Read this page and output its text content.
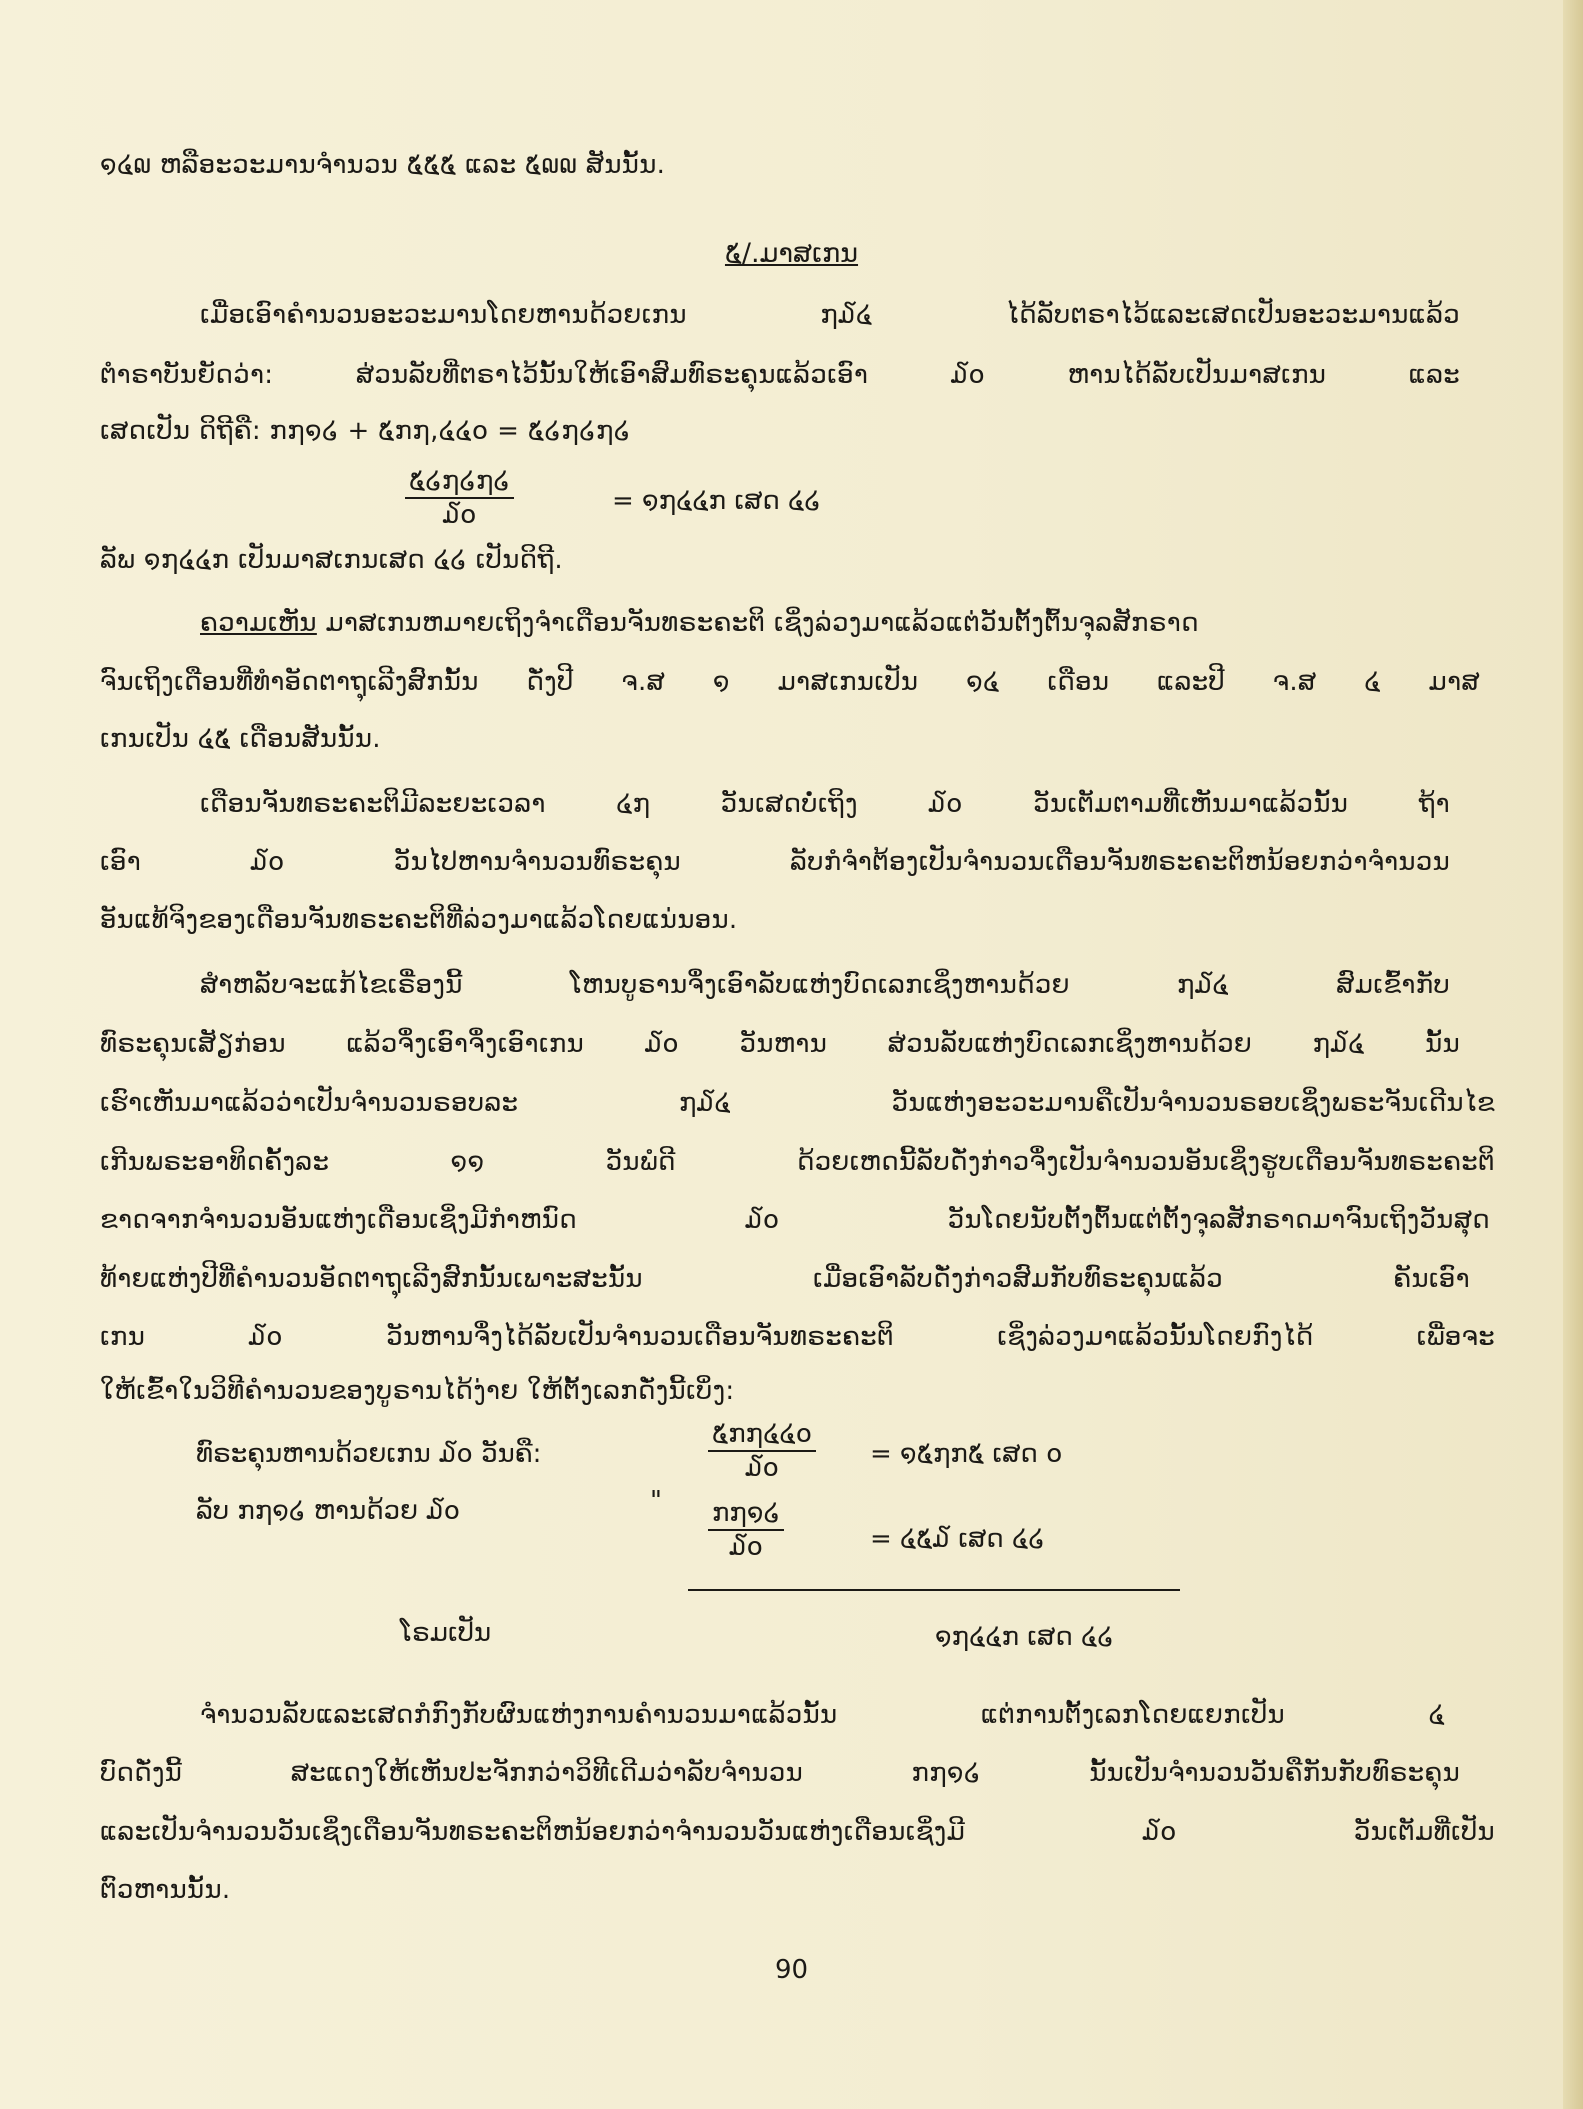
໑໔໙ ຫລືອະວະມານຈຳນວນ ໕໕໕ ແລະ ໕໙໙ ສັນນັ້ນ.
໕/.ມາສເກນ
ເມື່ອເອົາຄຳນວນອະວະມານໂດຍຫານດ້ວຍເກນ ໗໓໔ ໄດ້ລັບຕຣາໄວ້ແລະເສດເປັນອະວະມານແລ້ວ
ຕຳຣາບັນຍັດວ່າ: ສ່ວນລັບທີ່ຕຣາໄວ້ນັ້ນໃຫ້ເອົາສົມທົຣະຄຸນແລ້ວເອົາ ໓໐ ຫານໄດ້ລັບເປັນມາສເກນ ແລະ
ເສດເປັນ ດິຖີຄື: ກ໗໑໒ + ໕ກ໗,໔໔໐ = ໕໒໗໒໗໒
໕໒໗໒໗໒
໓໐	= ໑໗໔໔ກ ເສດ ໔໒
ລັພ ໑໗໔໔ກ ເປັນມາສເກນເສດ ໔໒ ເປັນດິຖີ.
ຄວາມເຫັນ ມາສເກນຫມາຍເຖິງຈຳເດືອນຈັນທຣະຄະຕິ ເຊິ່ງລ່ວງມາແລ້ວແຕ່ວັນຕັ້ງຕົ້ນຈຸລສັກຣາດ
ຈົນເຖິງເດືອນທີ່ທຳອັດຕາຖຸເລີງສົກນັ້ນ ດັ່ງປີ ຈ.ສ ໑ ມາສເກນເປັນ ໑໔ ເດືອນ ແລະປີ ຈ.ສ ໔ ມາສ
ເກນເປັນ ໔໕ ເດືອນສັນນັ້ນ.
ເດືອນຈັນທຣະຄະຕິມີລະຍະເວລາ ໔໗ ວັນເສດບໍ່ເຖິງ ໓໐ ວັນເຕັມຕາມທີ່ເຫັນມາແລ້ວນັ້ນ ຖ້າ
ເອົາ ໓໐ ວັນໄປຫານຈຳນວນທົຣະຄຸນ ລັບກໍຈຳຕ້ອງເປັນຈຳນວນເດືອນຈັນທຣະຄະຕິຫນ້ອຍກວ່າຈຳນວນ
ອັນແທ້ຈິງຂອງເດືອນຈັນທຣະຄະຕິທີ່ລ່ວງມາແລ້ວໂດຍແນ່ນອນ.
ສຳຫລັບຈະແກ້ໄຂເຣື່ອງນີ້ ໂຫນບູຣານຈຶ່ງເອົາລັບແຫ່ງບົດເລກເຊິ່ງຫານດ້ວຍ ໗໓໔ ສົມເຂົ້າກັບ
ທົຣະຄຸນເສັຽກ່ອນ ແລ້ວຈຶ່ງເອົາຈຶ່ງເອົາເກນ ໓໐ ວັນຫານ ສ່ວນລັບແຫ່ງບົດເລກເຊິ່ງຫານດ້ວຍ ໗໓໔ ນັ້ນ
ເຮົາເຫັນມາແລ້ວວ່າເປັນຈຳນວນຣອບລະ ໗໓໔ ວັນແຫ່ງອະວະມານຄືເປັນຈຳນວນຣອບເຊິ່ງພຣະຈັນເດີນໄຂ
ເກີນພຣະອາທິດຄັ້ງລະ ໑໑ ວັນພໍດີ ດ້ວຍເຫດນີ້ລັບດັ່ງກ່າວຈຶ່ງເປັນຈຳນວນອັນເຊິ່ງຮູບເດືອນຈັນທຣະຄະຕິ
ຂາດຈາກຈຳນວນອັນແຫ່ງເດືອນເຊິ່ງມີກຳຫນົດ ໓໐ ວັນໂດຍນັບຕັ້ງຕົ້ນແຕ່ຕັ້ງຈຸລສັກຣາດມາຈົນເຖິງວັນສຸດ
ທ້າຍແຫ່ງປີທີ່ຄຳນວນອັດຕາຖຸເລີງສົກນັ້ນເພາະສະນັ້ນ ເມື່ອເອົາລັບດັ່ງກ່າວສົມກັບທົຣະຄຸນແລ້ວ ຄັນເອົາ
ເກນ ໓໐ ວັນຫານຈຶ່ງໄດ້ລັບເປັນຈຳນວນເດືອນຈັນທຣະຄະຕິ ເຊິ່ງລ່ວງມາແລ້ວນັ້ນໂດຍກົງໄດ້ ເພື່ອຈະ
ໃຫ້ເຂົ້າໃນວິທີຄຳນວນຂອງບູຣານໄດ້ງ່າຍ ໃຫ້ຕັ້ງເລກດັ່ງນີ້ເບິ່ງ:
ທົຣະຄຸນຫານດ້ວຍເກນ ໓໐ ວັນຄື:
໕ກ໗໔໔໐
໓໐	= ໑໕໗ກ໕ ເສດ ໐
ລັບ ກ໗໑໒ ຫານດ້ວຍ ໓໐	" ກ໗໑໒
໓໐	= ໔໕໓ ເສດ ໔໒
ໂຣມເປັນ	໑໗໔໔ກ ເສດ ໔໒
ຈຳນວນລັບແລະເສດກໍກົງກັບຜົນແຫ່ງການຄຳນວນມາແລ້ວນັ້ນ ແຕ່ການຕັ້ງເລກໂດຍແຍກເປັນ ໔
ບົດດັ່ງນີ້ ສະແດງໃຫ້ເຫັນປະຈັກກວ່າວິທີເດີມວ່າລັບຈຳນວນ ກ໗໑໒ ນັ້ນເປັນຈຳນວນວັນຄືກັນກັບທົຣະຄຸນ
ແລະເປັນຈຳນວນວັນເຊິ່ງເດືອນຈັນທຣະຄະຕິຫນ້ອຍກວ່າຈຳນວນວັນແຫ່ງເດືອນເຊິ່ງມີ ໓໐ ວັນເຕັມທີ່ເປັນ
ຕົວຫານນັ້ນ.
90
